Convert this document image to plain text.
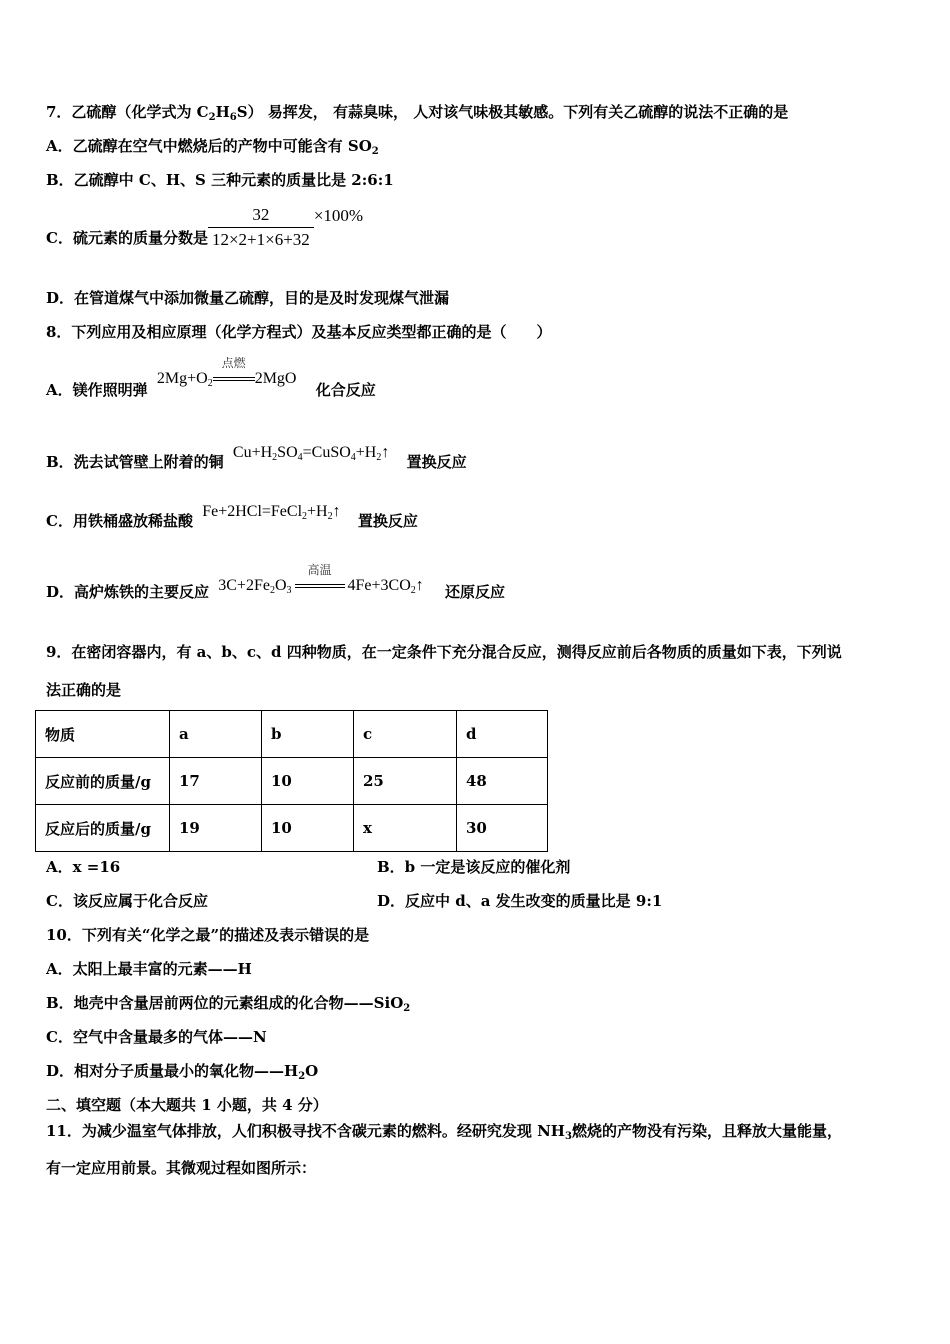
7．乙硫醇（化学式为 $C_2H_6S$） 易挥发， 有蒜臭味， 人对该气味极其敏感。下列有关乙硫醇的说法不正确的是
A．乙硫醇在空气中燃烧后的产物中可能含有 $SO_2$
B．乙硫醇中 C、H、S 三种元素的质量比是 2:6:1
C．硫元素的质量分数是 $\frac{32}{12\times 2+1\times 6+32} \times 100\%$
D．在管道煤气中添加微量乙硫醇，目的是及时发现煤气泄漏
8．下列应用及相应原理（化学方程式）及基本反应类型都正确的是（　　）
A．镁作照明弹 $2Mg+O_2$
点燃
2MgO 化合反应
B．洗去试管壁上附着的铜 $Cu+H_2SO_4=CuSO_4+H_2↑$ 置换反应
C．用铁桶盛放稀盐酸 $Fe+2HCl=FeCl_2+H_2↑$ 置换反应
D．高炉炼铁的主要反应 $3C+2Fe_2O_3$
高温
$4Fe+3CO_2↑$ 还原反应
9．在密闭容器内，有 a、b、c、d 四种物质，在一定条件下充分混合反应，测得反应前后各物质的质量如下表，下列说
法正确的是
物质	a	b	c	d
反应前的质量/g	17	10	25	48
反应后的质量/g	19	10	x	30
A．x =16	B．b 一定是该反应的催化剂
C．该反应属于化合反应	D．反应中 d、a 发生改变的质量比是 9:1
10．下列有关“化学之最”的描述及表示错误的是
A．太阳上最丰富的元素——H
B．地壳中含量居前两位的元素组成的化合物——SiO$_2$
C．空气中含量最多的气体——N
D．相对分子质量最小的氧化物$——H_2O$
二、填空题（本大题共 1 小题，共 4 分）
11．为减少温室气体排放，人们积极寻找不含碳元素的燃料。经研究发现 $NH_3$燃烧的产物没有污染，且释放大量能量，
有一定应用前景。其微观过程如图所示：
